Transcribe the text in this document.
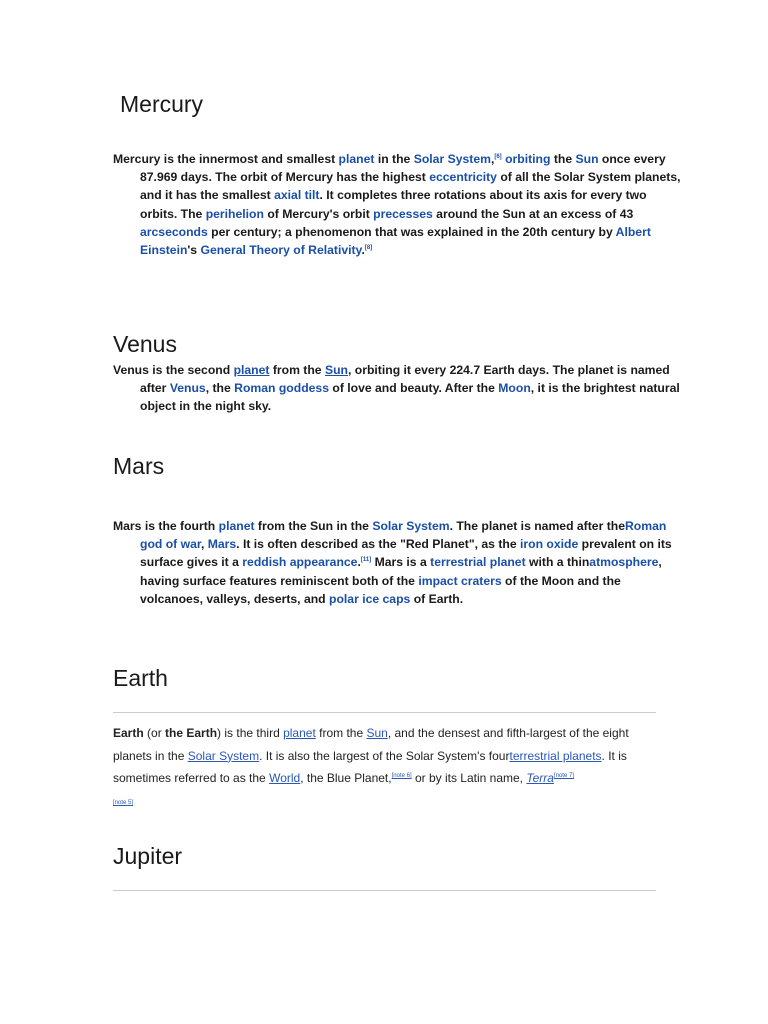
Mercury

Mercury is the innermost and smallest planet in the Solar System,[6] orbiting the Sun once every 87.969 days. The orbit of Mercury has the highest eccentricity of all the Solar System planets, and it has the smallest axial tilt. It completes three rotations about its axis for every two orbits. The perihelion of Mercury's orbit precesses around the Sun at an excess of 43 arcseconds per century; a phenomenon that was explained in the 20th century by Albert Einstein's General Theory of Relativity.[8]

Venus

Venus is the second planet from the Sun, orbiting it every 224.7 Earth days. The planet is named after Venus, the Roman goddess of love and beauty. After the Moon, it is the brightest natural object in the night sky.

Mars

Mars is the fourth planet from the Sun in the Solar System. The planet is named after theRoman god of war, Mars. It is often described as the "Red Planet", as the iron oxide prevalent on its surface gives it a reddish appearance.[11] Mars is a terrestrial planet with a thinatmosphere, having surface features reminiscent both of the impact craters of the Moon and the volcanoes, valleys, deserts, and polar ice caps of Earth.

Earth

Earth (or the Earth) is the third planet from the Sun, and the densest and fifth-largest of the eight planets in the Solar System. It is also the largest of the Solar System's fourterrestrial planets. It is sometimes referred to as the World, the Blue Planet,[note 6] or by its Latin name, Terra[note 7]

[note 5]
Jupiter
